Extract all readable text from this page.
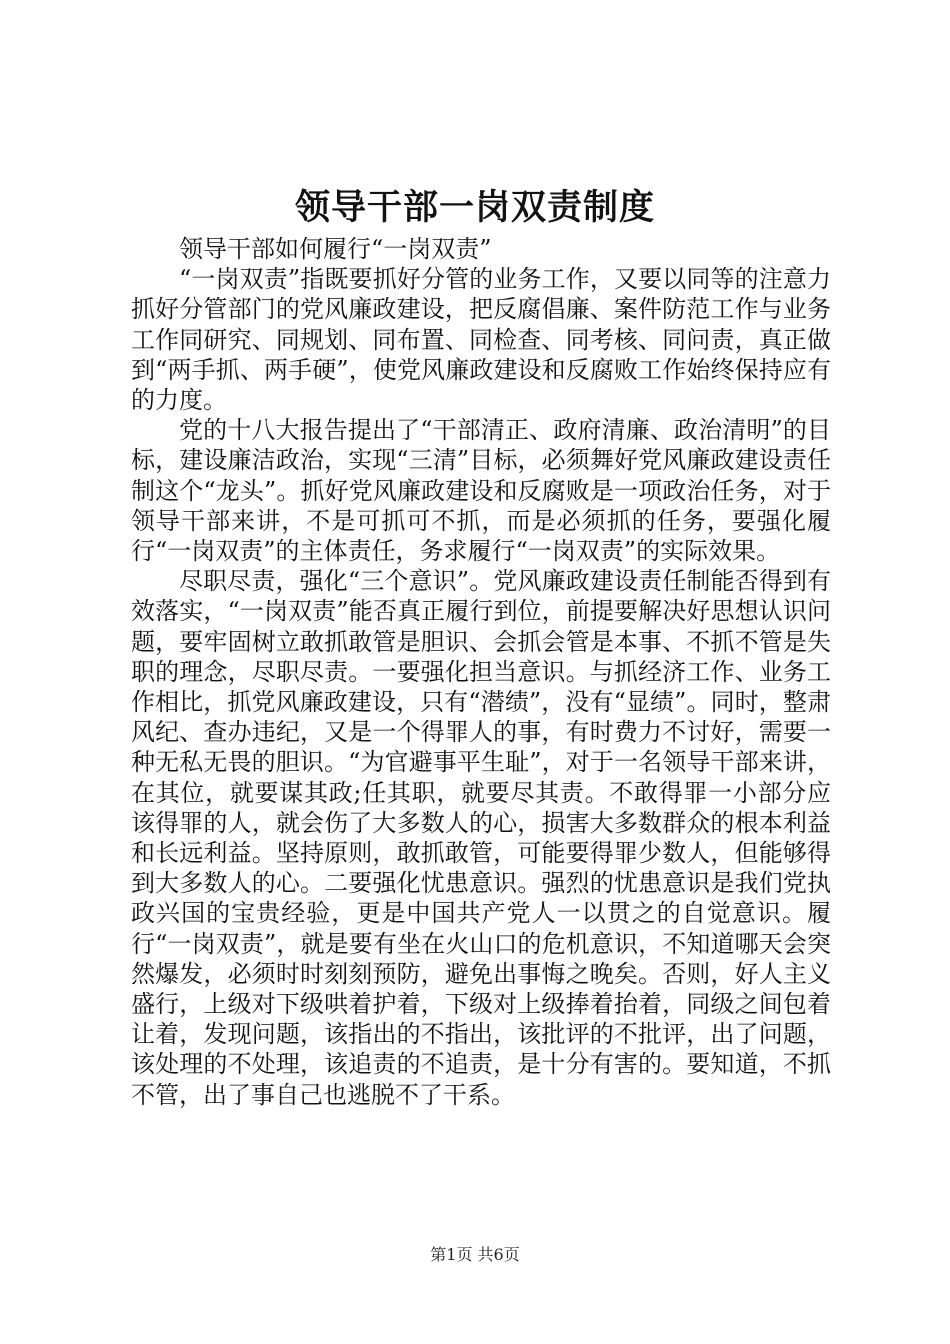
领导干部一岗双责制度

领导干部如何履行“一岗双责”

“一岗双责”指既要抓好分管的业务工作，又要以同等的注意力抓好分管部门的党风廉政建设，把反腐倡廉、案件防范工作与业务工作同研究、同规划、同布置、同检查、同考核、同问责，真正做到“两手抓、两手硬”，使党风廉政建设和反腐败工作始终保持应有的力度。

党的十八大报告提出了“干部清正、政府清廉、政治清明”的目标，建设廉洁政治，实现“三清”目标，必须舞好党风廉政建设责任制这个“龙头”。抓好党风廉政建设和反腐败是一项政治任务，对于领导干部来讲，不是可抓可不抓，而是必须抓的任务，要强化履行“一岗双责”的主体责任，务求履行“一岗双责”的实际效果。

尽职尽责，强化“三个意识”。党风廉政建设责任制能否得到有效落实，“一岗双责”能否真正履行到位，前提要解决好思想认识问题，要牢固树立敢抓敢管是胆识、会抓会管是本事、不抓不管是失职的理念，尽职尽责。一要强化担当意识。与抓经济工作、业务工作相比，抓党风廉政建设，只有“潜绩”，没有“显绩”。同时，整肃风纪、查办违纪，又是一个得罪人的事，有时费力不讨好，需要一种无私无畏的胆识。“为官避事平生耻”，对于一名领导干部来讲，在其位，就要谋其政;任其职，就要尽其责。不敢得罪一小部分应该得罪的人，就会伤了大多数人的心，损害大多数群众的根本利益和长远利益。坚持原则，敢抓敢管，可能要得罪少数人，但能够得到大多数人的心。二要强化忧患意识。强烈的忧患意识是我们党执政兴国的宝贵经验，更是中国共产党人一以贯之的自觉意识。履行“一岗双责”，就是要有坐在火山口的危机意识，不知道哪天会突然爆发，必须时时刻刻预防，避免出事悔之晚矣。否则，好人主义盛行，上级对下级哄着护着，下级对上级捧着抬着，同级之间包着让着，发现问题，该指出的不指出，该批评的不批评，出了问题，该处理的不处理，该追责的不追责，是十分有害的。要知道，不抓不管，出了事自己也逃脱不了干系。

第1页 共6页
